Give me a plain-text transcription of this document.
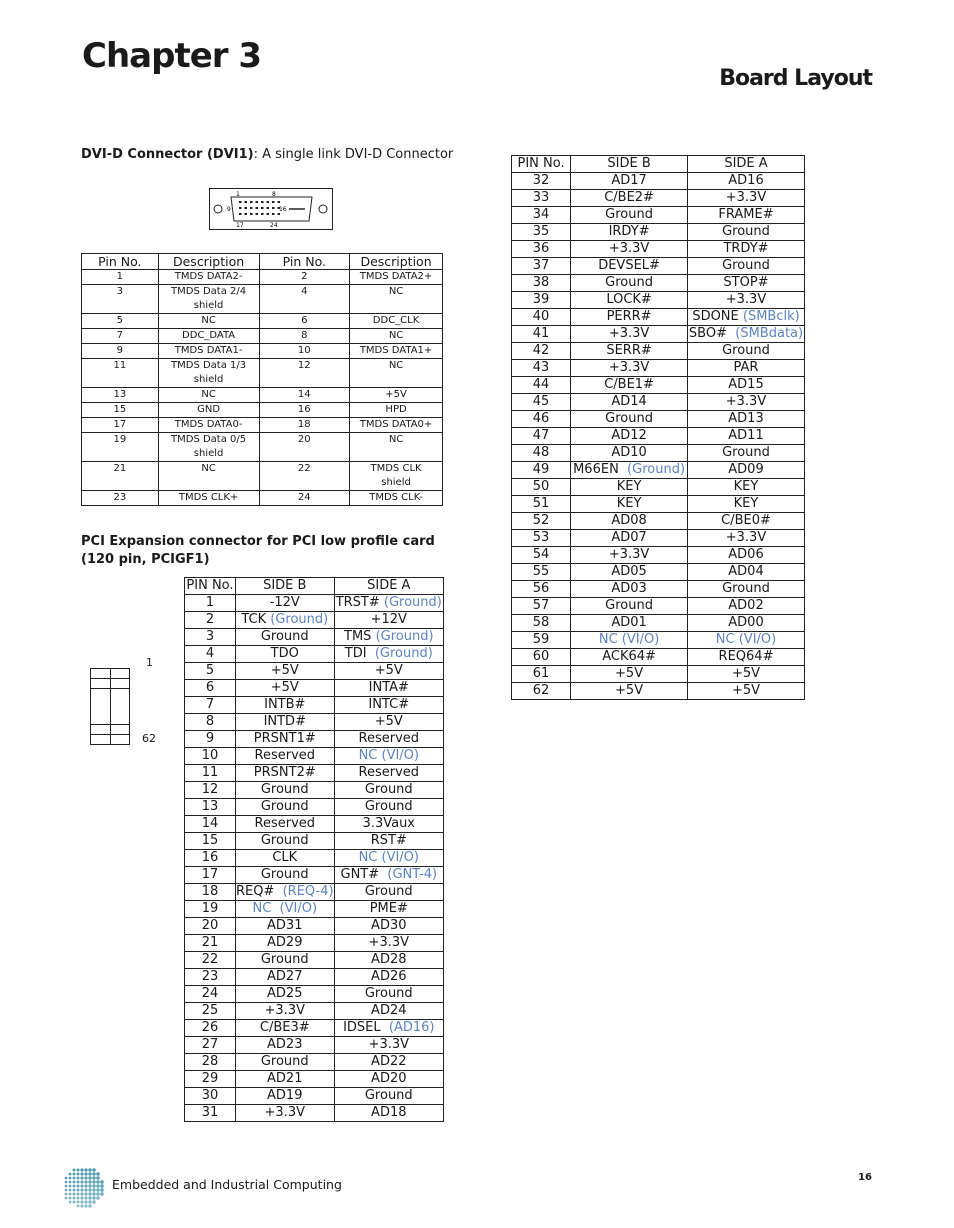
Chapter 3
Board Layout
DVI-D Connector (DVI1): A single link DVI-D Connector
1	8
9	16
17	24
Pin No.	Description	Pin No.	Description

1	TMDS DATA2-	2	TMDS DATA2+

3	TMDS Data 2/4
shield	4	NC

5	NC	6	DDC_CLK

7	DDC_DATA	8	NC

9	TMDS DATA1-	10	TMDS DATA1+

11	TMDS Data 1/3
shield	12	NC

13	NC	14	+5V

15	GND	16	HPD

17	TMDS DATA0-	18	TMDS DATA0+

19	TMDS Data 0/5
shield	20	NC

21	NC	22	TMDS CLK
shield

23	TMDS CLK+	24	TMDS CLK-
PCI Expansion connector for PCI low profile card (120 pin, PCIGF1)
1
62
PIN No.	SIDE B	SIDE A
1	-12V	TRST# (Ground)
2	TCK (Ground)	+12V
3	Ground	TMS (Ground)
4	TDO	TDI  (Ground)
5	+5V	+5V
6	+5V	INTA#
7	INTB#	INTC#
8	INTD#	+5V
9	PRSNT1#	Reserved
10	Reserved	NC (VI/O)
11	PRSNT2#	Reserved
12	Ground	Ground
13	Ground	Ground
14	Reserved	3.3Vaux
15	Ground	RST#
16	CLK	NC (VI/O)
17	Ground	GNT#  (GNT-4)
18	REQ#  (REQ-4)	Ground
19	NC  (VI/O)	PME#
20	AD31	AD30
21	AD29	+3.3V
22	Ground	AD28
23	AD27	AD26
24	AD25	Ground
25	+3.3V	AD24
26	C/BE3#	IDSEL  (AD16)
27	AD23	+3.3V
28	Ground	AD22
29	AD21	AD20
30	AD19	Ground
31	+3.3V	AD18
PIN No.	SIDE B	SIDE A
32	AD17	AD16
33	C/BE2#	+3.3V
34	Ground	FRAME#
35	IRDY#	Ground
36	+3.3V	TRDY#
37	DEVSEL#	Ground
38	Ground	STOP#
39	LOCK#	+3.3V
40	PERR#	SDONE (SMBclk)
41	+3.3V	SBO#  (SMBdata)
42	SERR#	Ground
43	+3.3V	PAR
44	C/BE1#	AD15
45	AD14	+3.3V
46	Ground	AD13
47	AD12	AD11
48	AD10	Ground
49	M66EN  (Ground)	AD09
50	KEY	KEY
51	KEY	KEY
52	AD08	C/BE0#
53	AD07	+3.3V
54	+3.3V	AD06
55	AD05	AD04
56	AD03	Ground
57	Ground	AD02
58	AD01	AD00
59	NC (VI/O)	NC (VI/O)
60	ACK64#	REQ64#
61	+5V	+5V
62	+5V	+5V
Embedded and Industrial Computing	16
